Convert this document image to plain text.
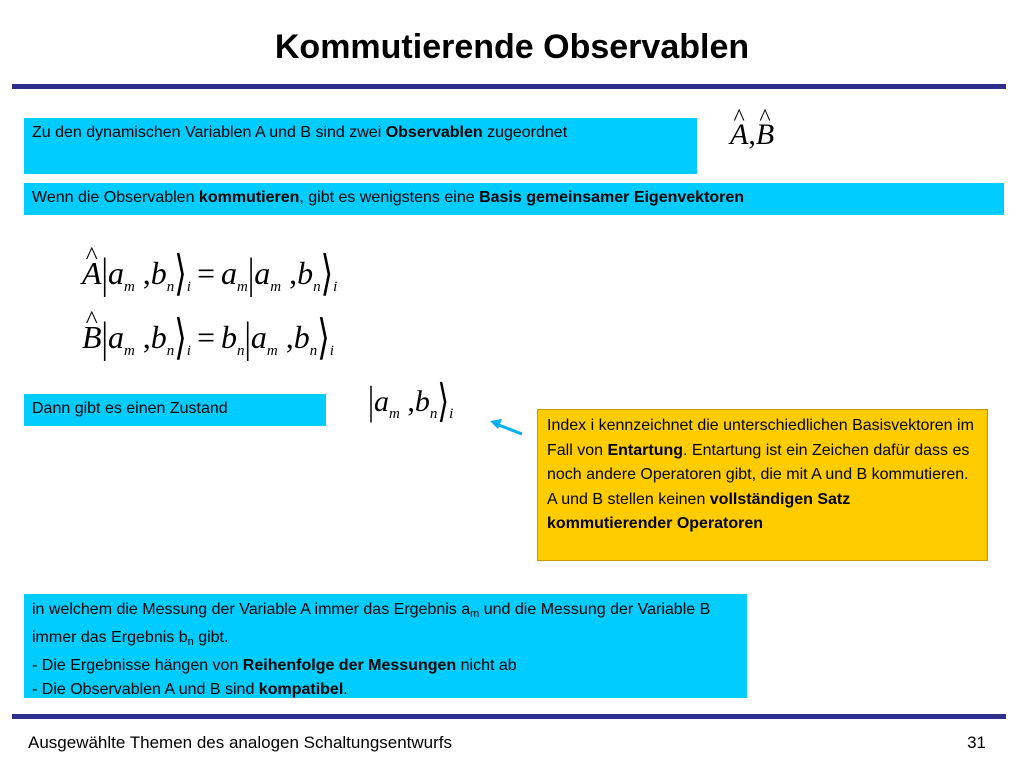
Kommutierende Observablen
Zu den dynamischen Variablen A und B sind zwei Observablen zugeordnet
^	A,^ B
Wenn die Observablen kommutieren, gibt es wenigstens eine Basis gemeinsamer Eigenvektoren
^ $A|a_m$ $,b_n⟩_i = a_m|a_m$ $,b_n⟩_i$
^ $B|a_m$ $,b_n⟩_i = b_n|a_m$ $,b_n⟩_i$
Dann gibt es einen Zustand	$|a_m$ $,b_n⟩_i$
Index i kennzeichnet die unterschiedlichen Basisvektoren im Fall von Entartung. Entartung ist ein Zeichen dafür dass es noch andere Operatoren gibt, die mit A und B kommutieren. A und B stellen keinen vollständigen Satz kommutierender Operatoren
in welchem die Messung der Variable A immer das Ergebnis $a_m$ und die Messung der Variable B immer das Ergebnis $b_n$ gibt.
- Die Ergebnisse hängen von Reihenfolge der Messungen nicht ab
- Die Observablen A und B sind kompatibel.
Ausgewählte Themen des analogen Schaltungsentwurfs	31
